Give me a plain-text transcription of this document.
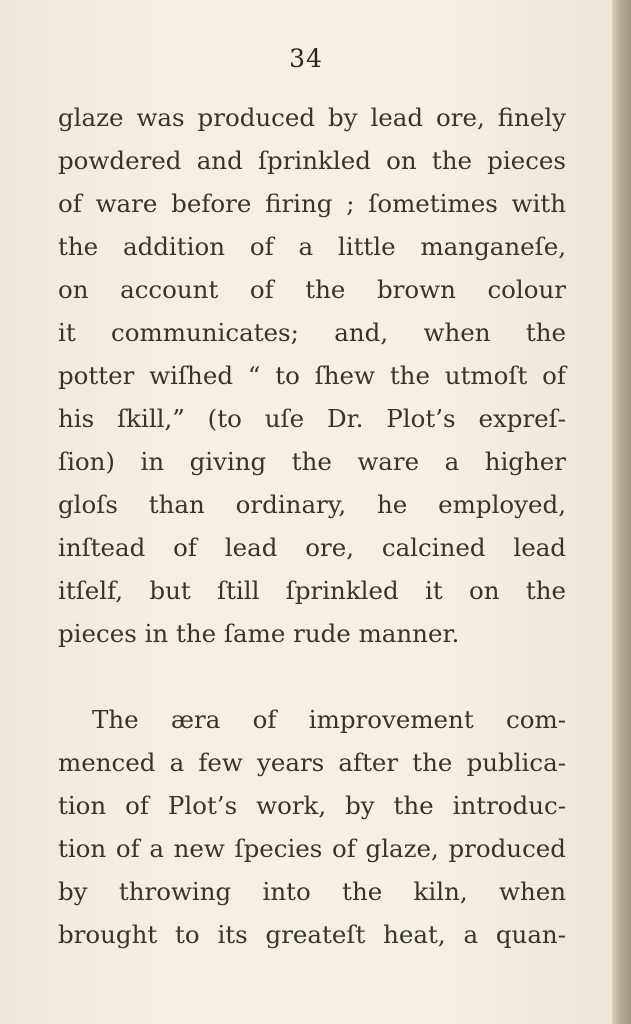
34
glaze was produced by lead ore, finely
powdered and ſprinkled on the pieces
of ware before firing ; ſometimes with
the addition of a little manganeſe,
on account of the brown colour
it communicates; and, when the
potter wiſhed “ to ſhew the utmoſt of
his ſkill,” (to uſe Dr. Plot’s expreſ-
ſion) in giving the ware a higher
gloſs than ordinary, he employed,
inſtead of lead ore, calcined lead
itſelf, but ſtill ſprinkled it on the
pieces in the ſame rude manner.
The æra of improvement com-
menced a few years after the publica-
tion of Plot’s work, by the introduc-
tion of a new ſpecies of glaze, produced
by throwing into the kiln, when
brought to its greateſt heat, a quan-
